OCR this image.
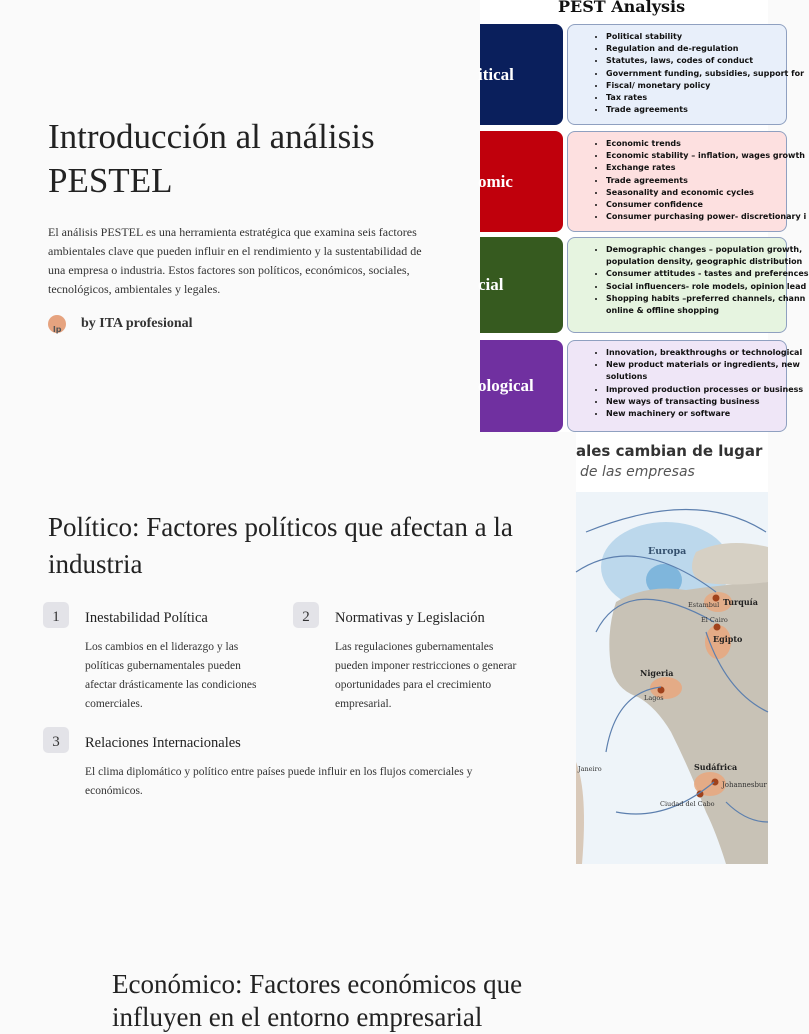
Introducción al análisis PESTEL

El análisis PESTEL es una herramienta estratégica que examina seis factores ambientales clave que pueden influir en el rendimiento y la sustentabilidad de una empresa o industria. Estos factores son políticos, económicos, sociales, tecnológicos, ambientales y legales.

lp by ITA profesional
PEST Analysis
itical
• Political stability
• Regulation and de-regulation
• Statutes, laws, codes of conduct
• Government funding, subsidies, support for
• Fiscal/ monetary policy
• Tax rates
• Trade agreements
omic
• Economic trends
• Economic stability – inflation, wages growth
• Exchange rates
• Trade agreements
• Seasonality and economic cycles
• Consumer confidence
• Consumer purchasing power- discretionary i
cial
• Demographic changes – population growth,
population density, geographic distribution
• Consumer attitudes - tastes and preferences
• Social influencers- role models, opinion lead
• Shopping habits –preferred channels, chann
online & offline shopping
ological
• Innovation, breakthroughs or technological
• New product materials or ingredients, new
solutions
• Improved production processes or business
• New ways of transacting business
• New machinery or software
Político: Factores políticos que afectan a la industria
1	Inestabilidad Política
Los cambios en el liderazgo y las políticas gubernamentales pueden afectar drásticamente las condiciones comerciales.
2	Normativas y Legislación
Las regulaciones gubernamentales pueden imponer restricciones o generar oportunidades para el crecimiento empresarial.
3	Relaciones Internacionales
El clima diplomático y político entre países puede influir en los flujos comerciales y económicos.
ales cambian de lugar
de las empresas
Europa
Estambul Turquía
El Cairo
Egipto
Nigeria
Lagos
Janeiro	Sudáfrica
Johannesbur
Ciudad del Cabo
Económico: Factores económicos que influyen en el entorno empresarial
